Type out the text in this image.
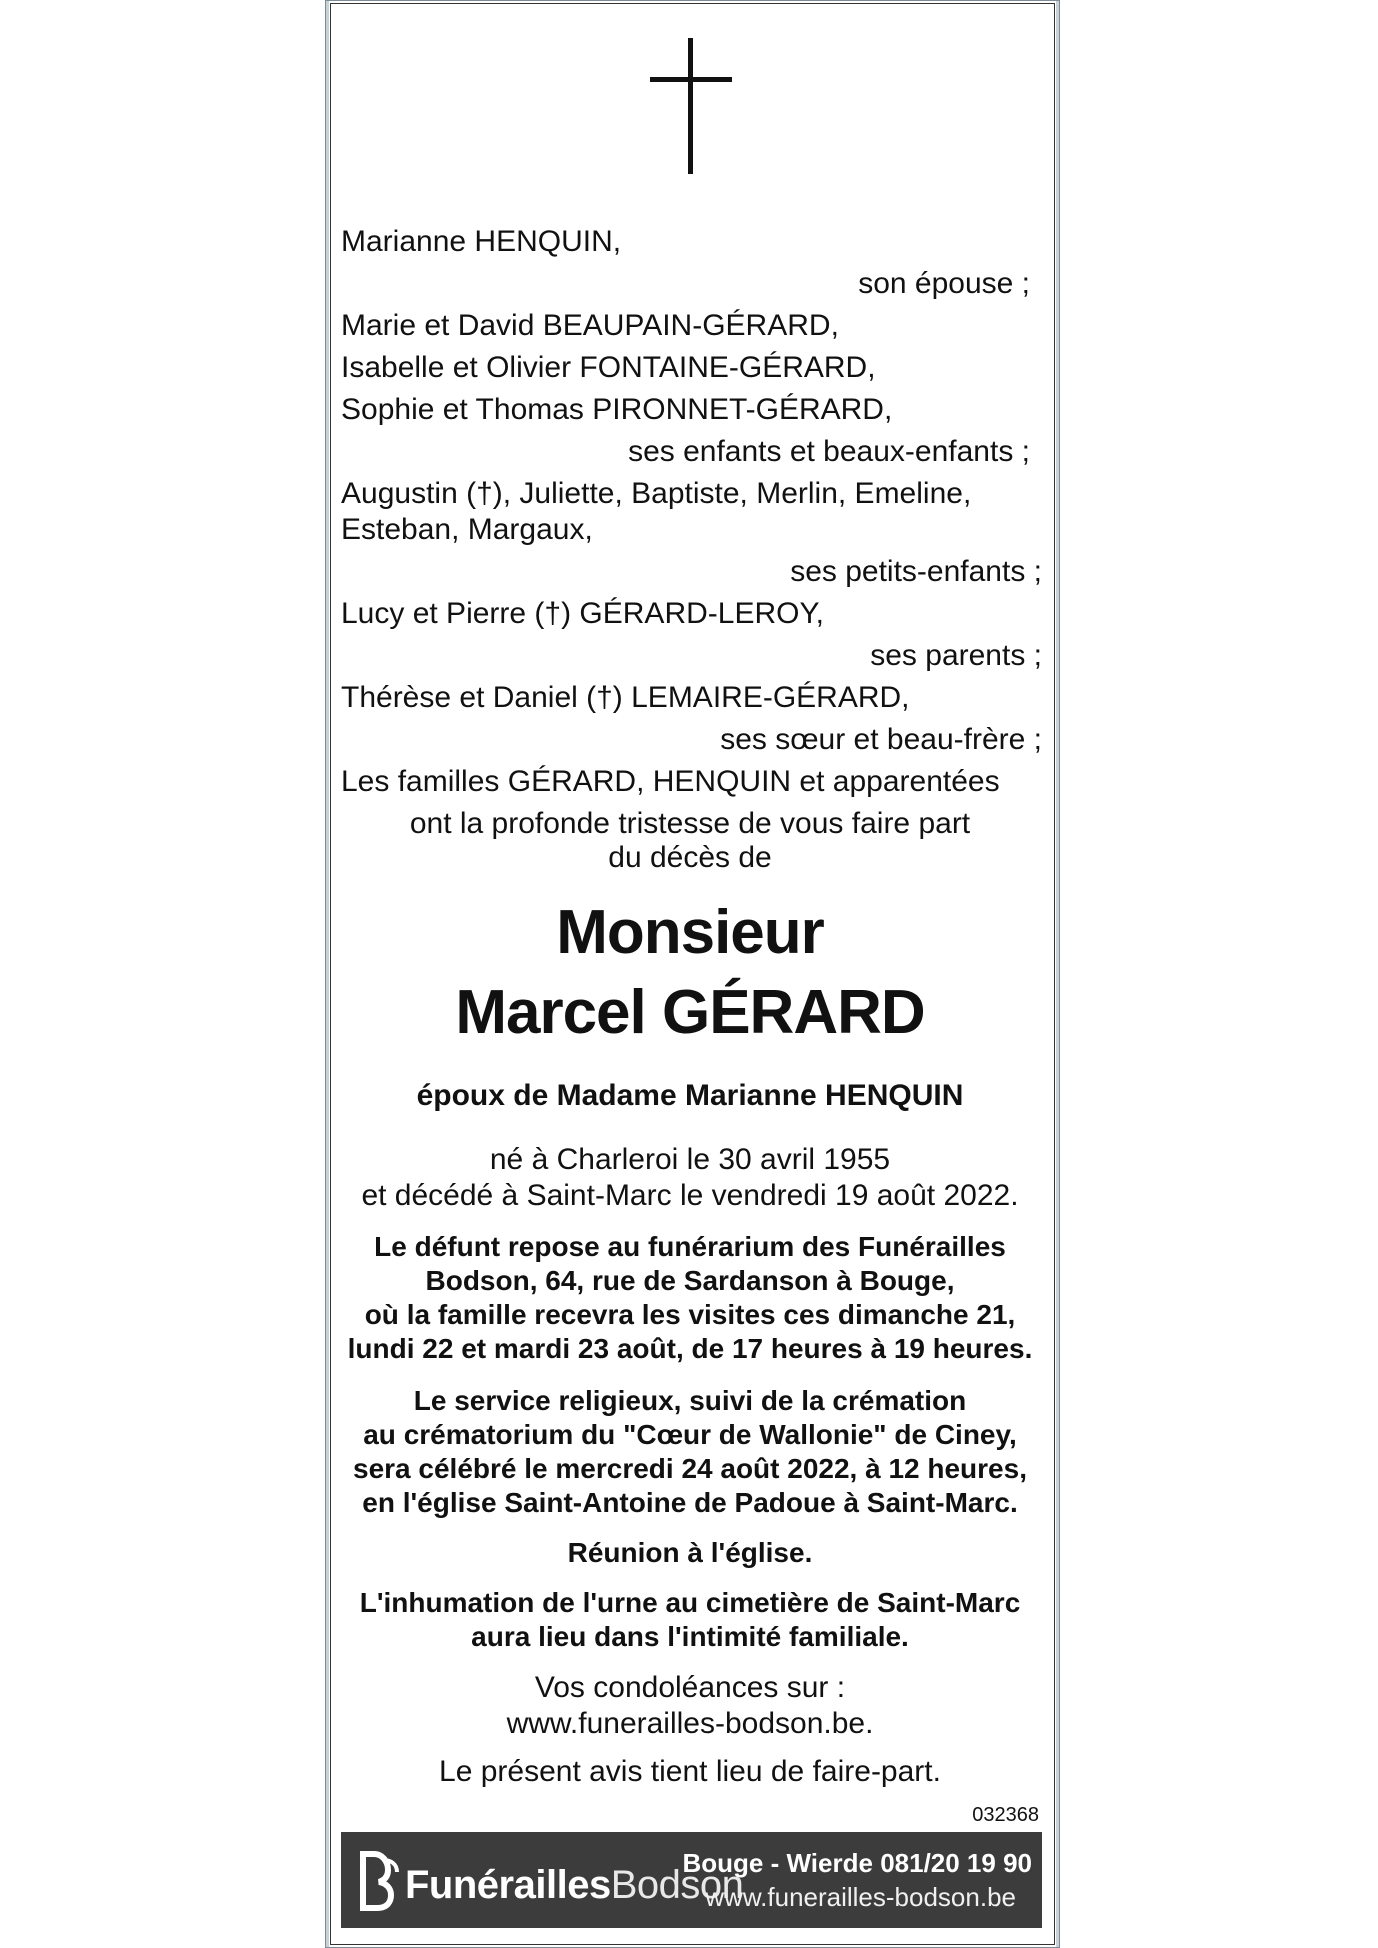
Marianne HENQUIN,
son épouse ;
Marie et David BEAUPAIN-GÉRARD,
Isabelle et Olivier FONTAINE-GÉRARD,
Sophie et Thomas PIRONNET-GÉRARD,
ses enfants et beaux-enfants ;
Augustin (†), Juliette, Baptiste, Merlin, Emeline,
Esteban, Margaux,
ses petits-enfants ;
Lucy et Pierre (†) GÉRARD-LEROY,
ses parents ;
Thérèse et Daniel (†) LEMAIRE-GÉRARD,
ses sœur et beau-frère ;
Les familles GÉRARD, HENQUIN et apparentées
ont la profonde tristesse de vous faire part
du décès de
Monsieur
Marcel GÉRARD
époux de Madame Marianne HENQUIN
né à Charleroi le 30 avril 1955
et décédé à Saint-Marc le vendredi 19 août 2022.
Le défunt repose au funérarium des Funérailles
Bodson, 64, rue de Sardanson à Bouge,
où la famille recevra les visites ces dimanche 21,
lundi 22 et mardi 23 août, de 17 heures à 19 heures.
Le service religieux, suivi de la crémation
au crématorium du "Cœur de Wallonie" de Ciney,
sera célébré le mercredi 24 août 2022, à 12 heures,
en l'église Saint-Antoine de Padoue à Saint-Marc.
Réunion à l'église.
L'inhumation de l'urne au cimetière de Saint-Marc
aura lieu dans l'intimité familiale.
Vos condoléances sur :
www.funerailles-bodson.be.
Le présent avis tient lieu de faire-part.
032368
FunéraillesBodson
Bouge - Wierde 081/20 19 90
www.funerailles-bodson.be
